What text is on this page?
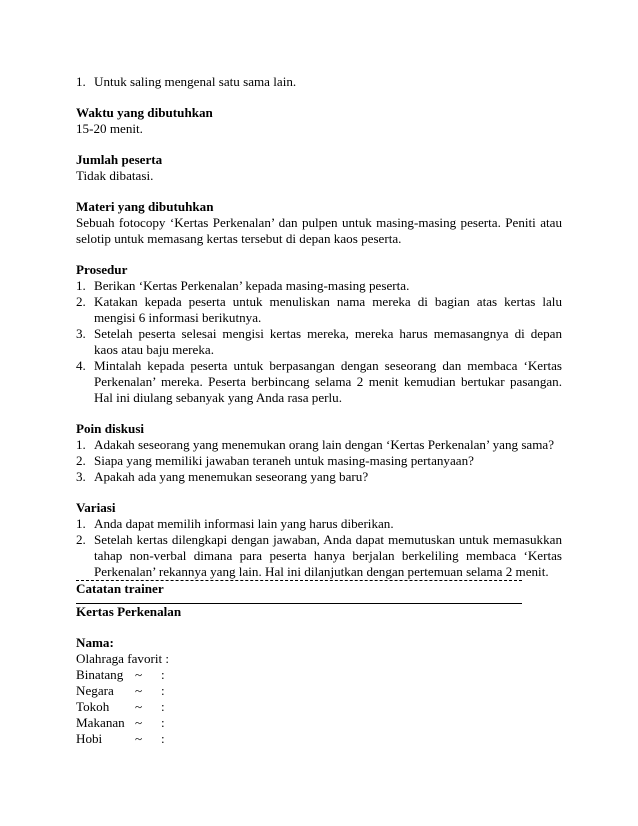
1. Untuk saling mengenal satu sama lain.

Waktu yang dibutuhkan

15-20 menit.

Jumlah peserta

Tidak dibatasi.

Materi yang dibutuhkan

Sebuah fotocopy ‘Kertas Perkenalan’ dan pulpen untuk masing-masing peserta. Peniti atau selotip untuk memasang kertas tersebut di depan kaos peserta.

Prosedur

1. Berikan ‘Kertas Perkenalan’ kepada masing-masing peserta.
2. Katakan kepada peserta untuk menuliskan nama mereka di bagian atas kertas lalu mengisi 6 informasi berikutnya.
3. Setelah peserta selesai mengisi kertas mereka, mereka harus memasangnya di depan kaos atau baju mereka.
4. Mintalah kepada peserta untuk berpasangan dengan seseorang dan membaca ‘Kertas Perkenalan’ mereka. Peserta berbincang selama 2 menit kemudian bertukar pasangan. Hal ini diulang sebanyak yang Anda rasa perlu.

Poin diskusi

1. Adakah seseorang yang menemukan orang lain dengan ‘Kertas Perkenalan’ yang sama?
2. Siapa yang memiliki jawaban teraneh untuk masing-masing pertanyaan?
3. Apakah ada yang menemukan seseorang yang baru?

Variasi

1. Anda dapat memilih informasi lain yang harus diberikan.
2. Setelah kertas dilengkapi dengan jawaban, Anda dapat memutuskan untuk memasukkan tahap non-verbal dimana para peserta hanya berjalan berkeliling membaca ‘Kertas Perkenalan’ rekannya yang lain. Hal ini dilanjutkan dengan pertemuan selama 2 menit.

Catatan trainer

Kertas Perkenalan

Nama:

Olahraga favorit :

Binatang ~	:
Negara	~	:
Tokoh	~	:
Makanan ~	:
Hobi	~	:
